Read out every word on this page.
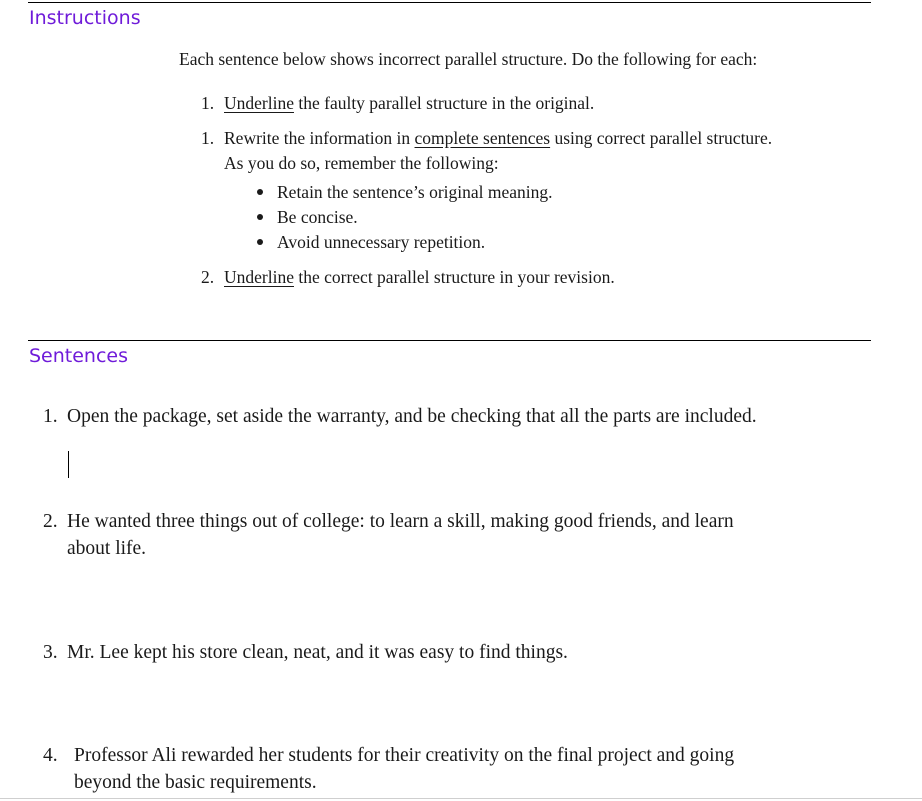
Instructions
Each sentence below shows incorrect parallel structure. Do the following for each:
1. Underline the faulty parallel structure in the original.
1. Rewrite the information in complete sentences using correct parallel structure.
As you do so, remember the following:
Retain the sentence’s original meaning.
Be concise.
Avoid unnecessary repetition.
2. Underline the correct parallel structure in your revision.
Sentences
1. Open the package, set aside the warranty, and be checking that all the parts are included.
2. He wanted three things out of college: to learn a skill, making good friends, and learn
about life.
3. Mr. Lee kept his store clean, neat, and it was easy to find things.
4. Professor Ali rewarded her students for their creativity on the final project and going
beyond the basic requirements.
